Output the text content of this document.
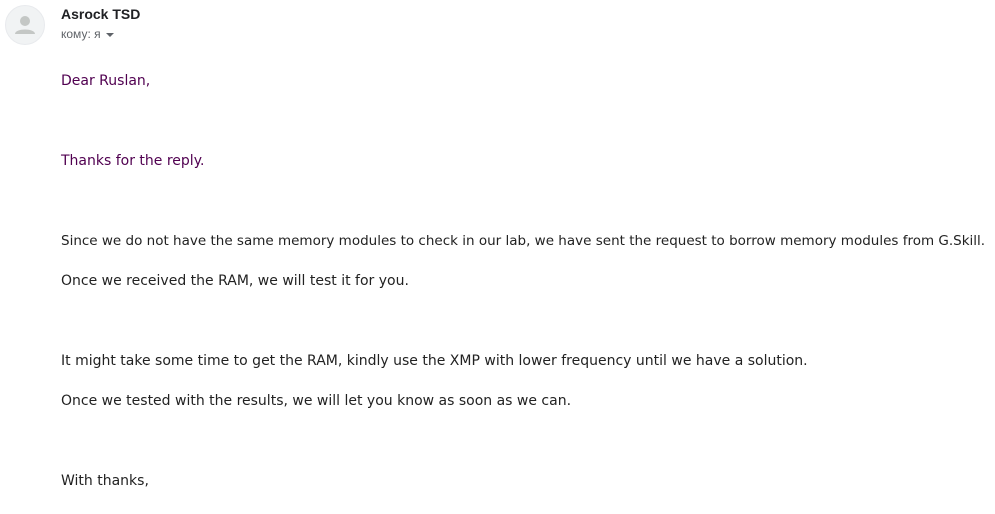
Asrock TSD
кому: я
Dear Ruslan,
Thanks for the reply.
Since we do not have the same memory modules to check in our lab, we have sent the request to borrow memory modules from G.Skill.
Once we received the RAM, we will test it for you.
It might take some time to get the RAM, kindly use the XMP with lower frequency until we have a solution.
Once we tested with the results, we will let you know as soon as we can.
With thanks,
